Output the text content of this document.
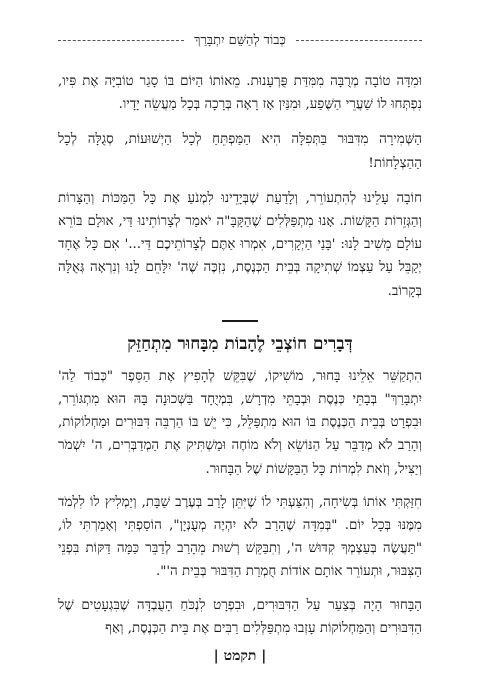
כְּבוֹד לְהַשֵּׁם יִתְבָּרַךְ

וּמִדָּה טוֹבָה מְרֻבָּה מִמִּדַּת פֻּרְעָנוּת. מֵאוֹתוֹ הַיּוֹם בּוֹ סָגַר טוֹבִיָּה אֶת פִּיו, נִפְתְּחוּ לוֹ שַׁעֲרֵי הַשֶּׁפַע, וּמִנַּיִן אָז רָאָה בְּרָכָה בְּכָל מַעֲשֵׂה יָדָיו.

הַשְּׁמִירָה מִדִּבּוּר בַּתְּפִלָּה הִיא הַמַּפְתֵּחַ לְכָל הַיְשׁוּעוֹת, סְגֻלָּה לְכָל הַהַצְלָחוֹת!

חוֹבָה עָלֵינוּ לְהִתְעוֹרֵר, וְלָדַעַת שֶׁבְּיָדֵינוּ לִמְנֹעַ אֶת כָּל הַמַּכּוֹת וְהַצָּרוֹת וְהַגְּזֵרוֹת הַקָּשׁוֹת. אָנוּ מִתְפַּלְּלִים שֶׁהַקָּבָּ"ה יֹאמַר לְצָרוֹתֵינוּ דַּי, אוּלָם בּוֹרֵא עוֹלָם מֵשִׁיב לָנוּ: 'בָּנַי הַיְקָרִים, אִמְרוּ אַתֶּם לְצָרוֹתֵיכֶם דַּי...' אִם כָּל אֶחָד יְקַבֵּל עַל עַצְמוֹ שְׁתִיקָה בְּבֵית הַכְּנֶסֶת, נִזְכֶּה שֶׁה' יִלָּחֵם לָנוּ וְנִרְאָה גְּאֻלָּה בְּקָרוֹב.

דְּבָרִים חוֹצְבֵי לֶהָבוֹת מִבָּחוּר מִתְחַזֵּק

הִתְקַשֵּׁר אֵלֵינוּ בָּחוּר, מוֹשִׁיקוֹ, שֶׁבִּקֵּשׁ לְהָפִיץ אֶת הַסֵּפֶר "כְּבוֹד לַה' יִתְבָּרַךְ" בְּבָתֵּי כְּנֶסֶת וּבְבָתֵּי מִדְרָשׁ, בִּמְיֻחָד בַּשְּׁכוּנָה בָּהּ הוּא מִתְגּוֹרֵר, וּבִפְרָט בְּבֵית הַכְּנֶסֶת בּוֹ הוּא מִתְפַּלֵּל, כִּי יֵשׁ בּוֹ הַרְבֵּה דִּבּוּרִים וּמַחְלוֹקוֹת, וְהָרַב לֹא מְדַבֵּר עַל הַנּוֹשֵׂא וְלֹא מוֹחֶה וּמַשְׁתִּיק אֶת הַמְדַבְּרִים, ה' יִשְׁמֹר וְיַצִּיל, וְזֹאת לִמְרוֹת כָּל הַבַּקָּשׁוֹת שֶׁל הַבָּחוּר.

חִזַּקְתִּי אוֹתוֹ בְּשִׂיחָה, וְהִצַּעְתִּי לוֹ שֶׁיִּתֵּן לָרַב בְּעֶרֶב שַׁבָּת, וְיַמְלִיץ לוֹ לִלְמֹד מִמֶּנּוּ בְּכָל יוֹם. "בְּמִדָּה שֶׁהָרַב לֹא יִהְיֶה מְעֻנְיָן", הוֹסַפְתִּי וְאָמַרְתִּי לוֹ, "תַּעֲשֶׂה בְּעַצְמְךָ קִדּוּשׁ ה', וְתִבַּקֵּשׁ רְשׁוּת מֵהָרַב לְדַבֵּר כַּמָּה דַּקּוֹת בִּפְנֵי הַצִּבּוּר, וּתְעוֹרֵר אוֹתָם אוֹדוֹת חֻמְרַת הַדִּבּוּר בְּבֵית ה'".

הַבָּחוּר הָיָה בְּצַעַר עַל הַדִּבּוּרִים, וּבִפְרָט לִנְכֹּחַ הָעֻבְדָּה שֶׁבִּגְעָטִים שֶׁל הַדִּבּוּרִים וְהַמַּחְלוֹקוֹת עָזְבוּ מִתְפַּלְּלִים רַבִּים אֶת בֵּית הַכְּנֶסֶת, וְאַף

| תקמט |
